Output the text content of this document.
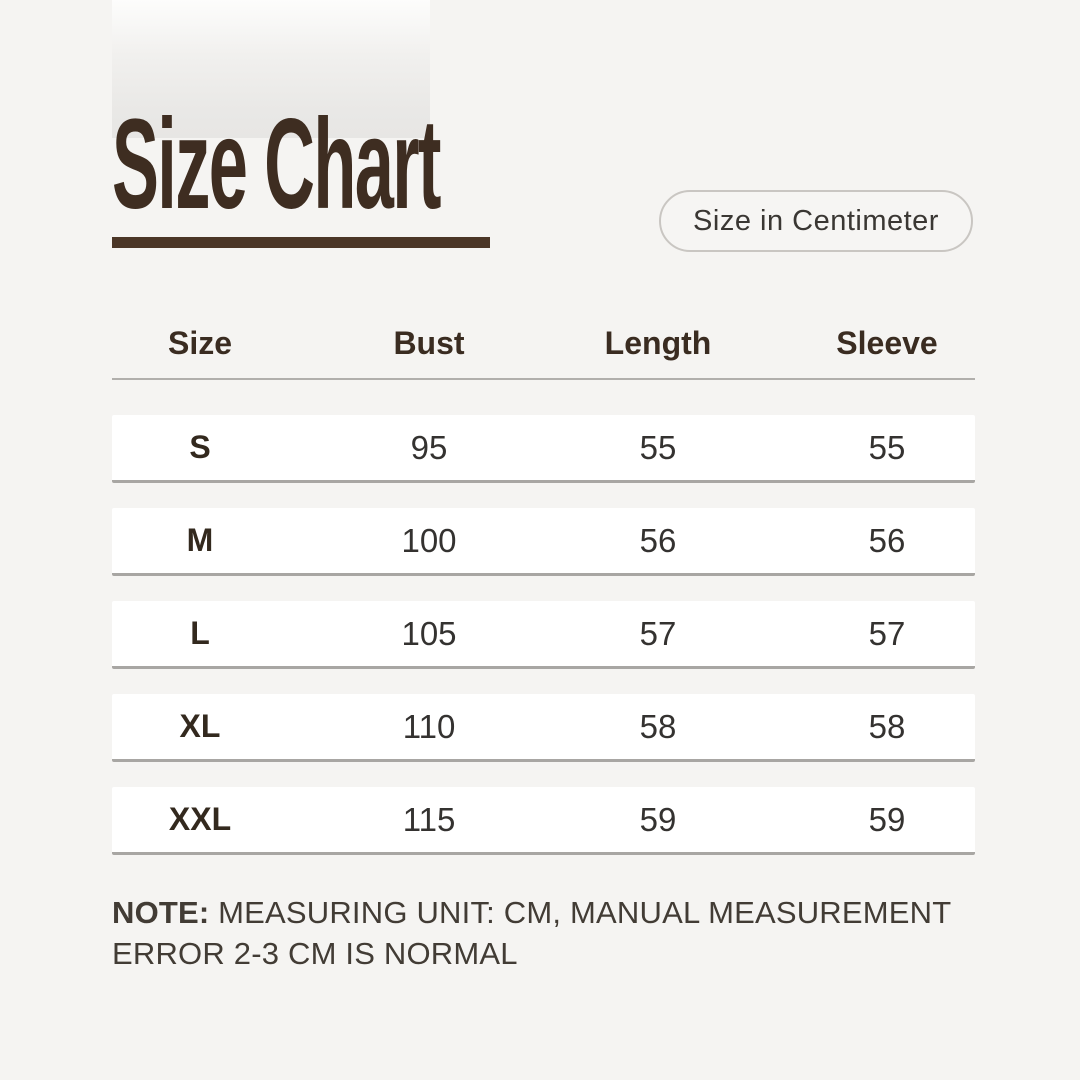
Size Chart	Size in Centimeter
Size	Bust	Length	Sleeve
S	95	55	55
M	100	56	56
L	105	57	57
XL	110	58	58
XXL	115	59	59
NOTE: MEASURING UNIT: CM, MANUAL MEASUREMENT ERROR 2-3 CM IS NORMAL
